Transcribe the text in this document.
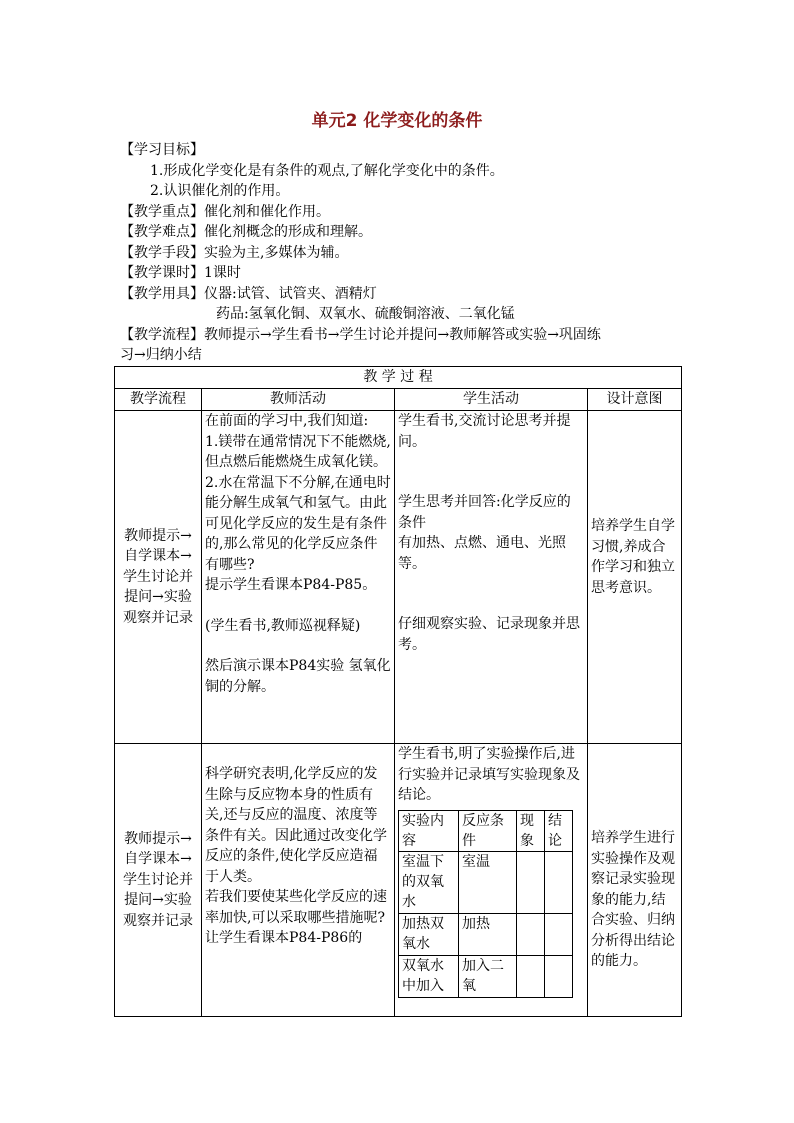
单元2 化学变化的条件
【学习目标】
1.形成化学变化是有条件的观点,了解化学变化中的条件。
2.认识催化剂的作用。
【教学重点】催化剂和催化作用。
【教学难点】催化剂概念的形成和理解。
【教学手段】实验为主,多媒体为辅。
【教学课时】1课时
【教学用具】仪器:试管、试管夹、酒精灯
药品:氢氧化铜、双氧水、硫酸铜溶液、二氧化锰
【教学流程】教师提示→学生看书→学生讨论并提问→教师解答或实验→巩固练
习→归纳小结
教 学 过 程
教学流程	教师活动	学生活动	设计意图

教师提示→自学课本→学生讨论并提问→实验观察并记录

在前面的学习中,我们知道:
1.镁带在通常情况下不能燃烧,但点燃后能燃烧生成氧化镁。2.水在常温下不分解,在通电时能分解生成氧气和氢气。由此可见化学反应的发生是有条件的,那么常见的化学反应条件有哪些?
提示学生看课本P84-P85。
(学生看书,教师巡视释疑)
然后演示课本P84实验 氢氧化铜的分解。

学生看书,交流讨论思考并提问。
学生思考并回答:化学反应的条件
有加热、点燃、通电、光照等。
仔细观察实验、记录现象并思考。

培养学生自学习惯,养成合作学习和独立思考意识。

教师提示→自学课本→学生讨论并提问→实验观察并记录

科学研究表明,化学反应的发生除与反应物本身的性质有关,还与反应的温度、浓度等条件有关。因此通过改变化学反应的条件,使化学反应造福于人类。
若我们要使某些化学反应的速率加快,可以采取哪些措施呢?
让学生看课本P84-P86的

学生看书,明了实验操作后,进行实验并记录填写实验现象及结论。
实验内容	反应条件	现象	结论
室温下的双氧水	室温		
加热双氧水	加热		
双氧水中加入	加入二氧		

培养学生进行实验操作及观察记录实验现象的能力,结合实验、归纳分析得出结论的能力。
